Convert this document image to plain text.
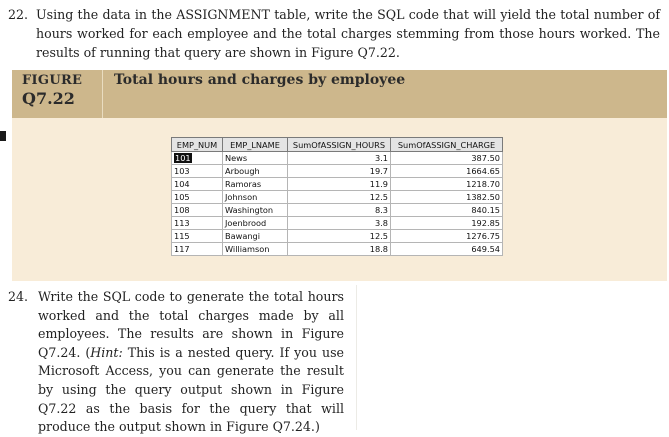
22. Using the data in the ASSIGNMENT table, write the SQL code that will yield the total number of hours worked for each employee and the total charges stemming from those hours worked. The results of running that query are shown in Figure Q7.22.
FIGURE
Q7.22
Total hours and charges by employee
EMP_NUM	EMP_LNAME	SumOfASSIGN_HOURS	SumOfASSIGN_CHARGE
101	News	3.1	387.50
103	Arbough	19.7	1664.65
104	Ramoras	11.9	1218.70
105	Johnson	12.5	1382.50
108	Washington	8.3	840.15
113	Joenbrood	3.8	192.85
115	Bawangi	12.5	1276.75
117	Williamson	18.8	649.54
24. Write the SQL code to generate the total hours worked and the total charges made by all employees. The results are shown in Figure Q7.24. (Hint: This is a nested query. If you use Microsoft Access, you can generate the result by using the query output shown in Figure Q7.22 as the basis for the query that will produce the output shown in Figure Q7.24.)
